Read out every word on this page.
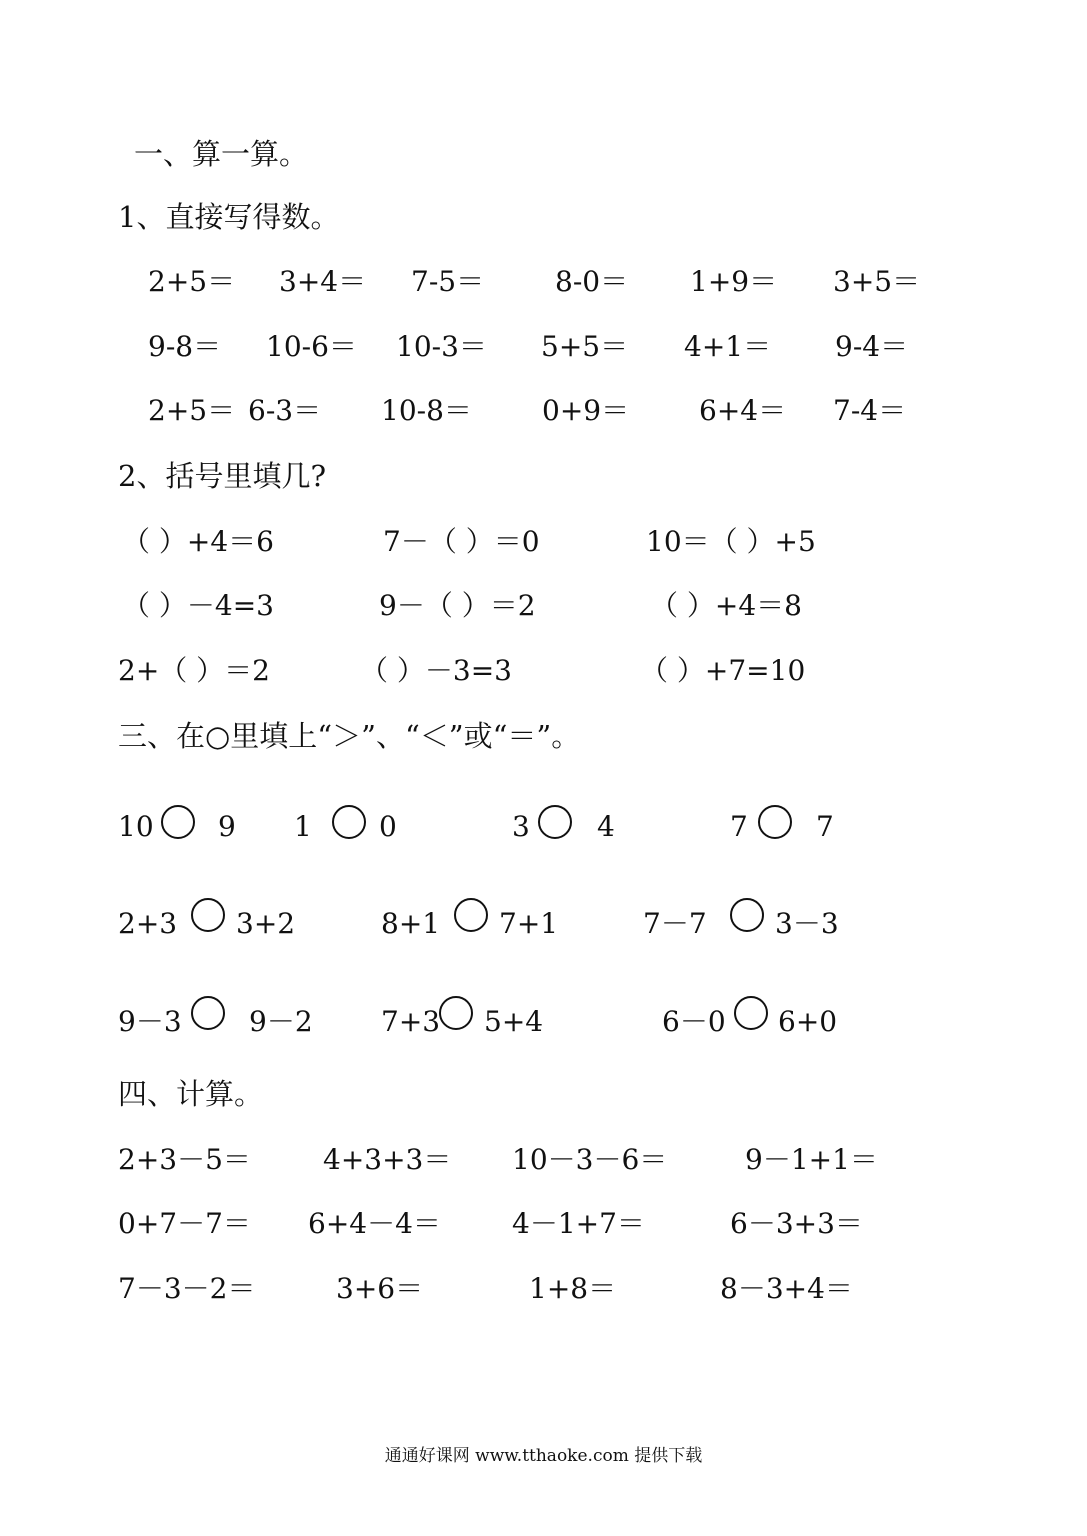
一、算一算。
1、直接写得数。
2+5＝ 3+4＝ 7-5＝	8-0＝ 1+9＝ 3+5＝
9-8＝ 10-6＝ 10-3＝ 5+5＝ 4+1＝ 9-4＝
2+5＝ 6-3＝ 10-8＝	0+9＝ 6+4＝ 7-4＝
2、括号里填几?
（ ）+4＝6	7－（ ）＝0	10＝（ ）+5
（ ）－4=3	9－（ ）＝2	（ ）+4＝8
2+（ ）＝2	（ ）－3=3	（ ）+7=10
三、在○里填上“＞”、“＜”或“＝”。
10 9 1 0	3 4	7 7
2+3 3+2	8+1 7+1	7－7 3－3
9－3 9－2 7+3 5+4	6－0 6+0
四、计算。
2+3－5＝	4+3+3＝ 10－3－6＝	9－1+1＝
0+7－7＝ 6+4－4＝	4－1+7＝	6－3+3＝
7－3－2＝	3+6＝	1+8＝	8－3+4＝
通通好课网 www.tthaoke.com 提供下载
